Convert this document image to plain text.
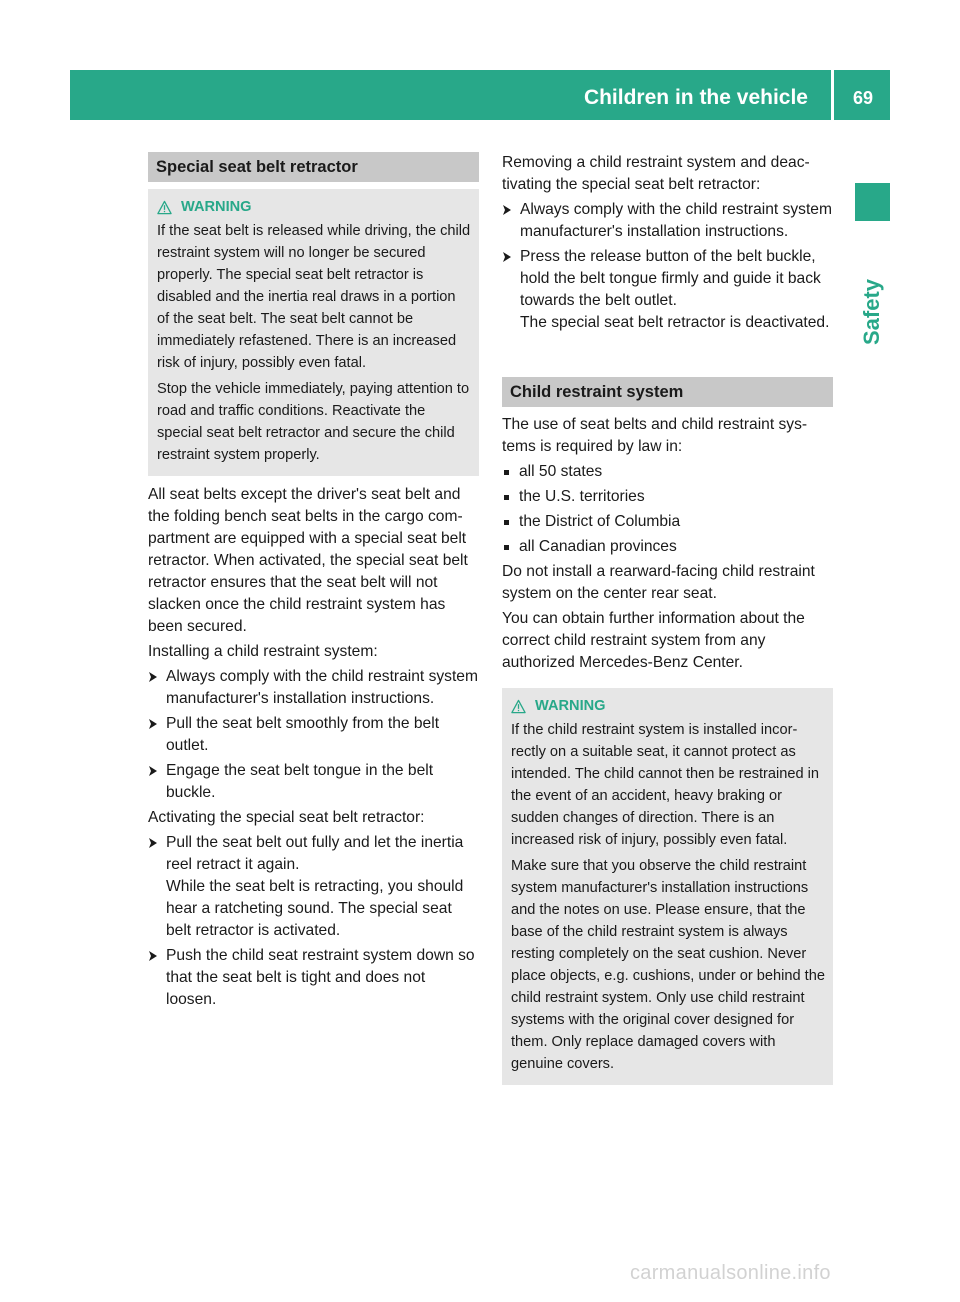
Children in the vehicle	69
Safety
Special seat belt retractor
WARNING

If the seat belt is released while driving, the child restraint system will no longer be secured properly. The special seat belt retractor is disabled and the inertia real draws in a portion of the seat belt. The seat belt cannot be immediately refastened. There is an increased risk of injury, possibly even fatal.

Stop the vehicle immediately, paying attention to road and traffic conditions. Reactivate the special seat belt retractor and secure the child restraint system properly.

All seat belts except the driver's seat belt and the folding bench seat belts in the cargo compartment are equipped with a special seat belt retractor. When activated, the special seat belt retractor ensures that the seat belt will not slacken once the child restraint system has been secured.

Installing a child restraint system:

Always comply with the child restraint system manufacturer's installation instructions.
Pull the seat belt smoothly from the belt outlet.
Engage the seat belt tongue in the belt buckle.

Activating the special seat belt retractor:

Pull the seat belt out fully and let the inertia reel retract it again.
While the seat belt is retracting, you should hear a ratcheting sound. The special seat belt retractor is activated.
Push the child seat restraint system down so that the seat belt is tight and does not loosen.

Removing a child restraint system and deactivating the special seat belt retractor:

Always comply with the child restraint system manufacturer's installation instructions.
Press the release button of the belt buckle, hold the belt tongue firmly and guide it back towards the belt outlet.
The special seat belt retractor is deactivated.
Child restraint system

The use of seat belts and child restraint systems is required by law in:

all 50 states
the U.S. territories
the District of Columbia
all Canadian provinces

Do not install a rearward-facing child restraint system on the center rear seat.

You can obtain further information about the correct child restraint system from any authorized Mercedes-Benz Center.

WARNING

If the child restraint system is installed incorrectly on a suitable seat, it cannot protect as intended. The child cannot then be restrained in the event of an accident, heavy braking or sudden changes of direction. There is an increased risk of injury, possibly even fatal.

Make sure that you observe the child restraint system manufacturer's installation instructions and the notes on use. Please ensure, that the base of the child restraint system is always resting completely on the seat cushion. Never place objects, e.g. cushions, under or behind the child restraint system. Only use child restraint systems with the original cover designed for them. Only replace damaged covers with genuine covers.

carmanualsonline.info
